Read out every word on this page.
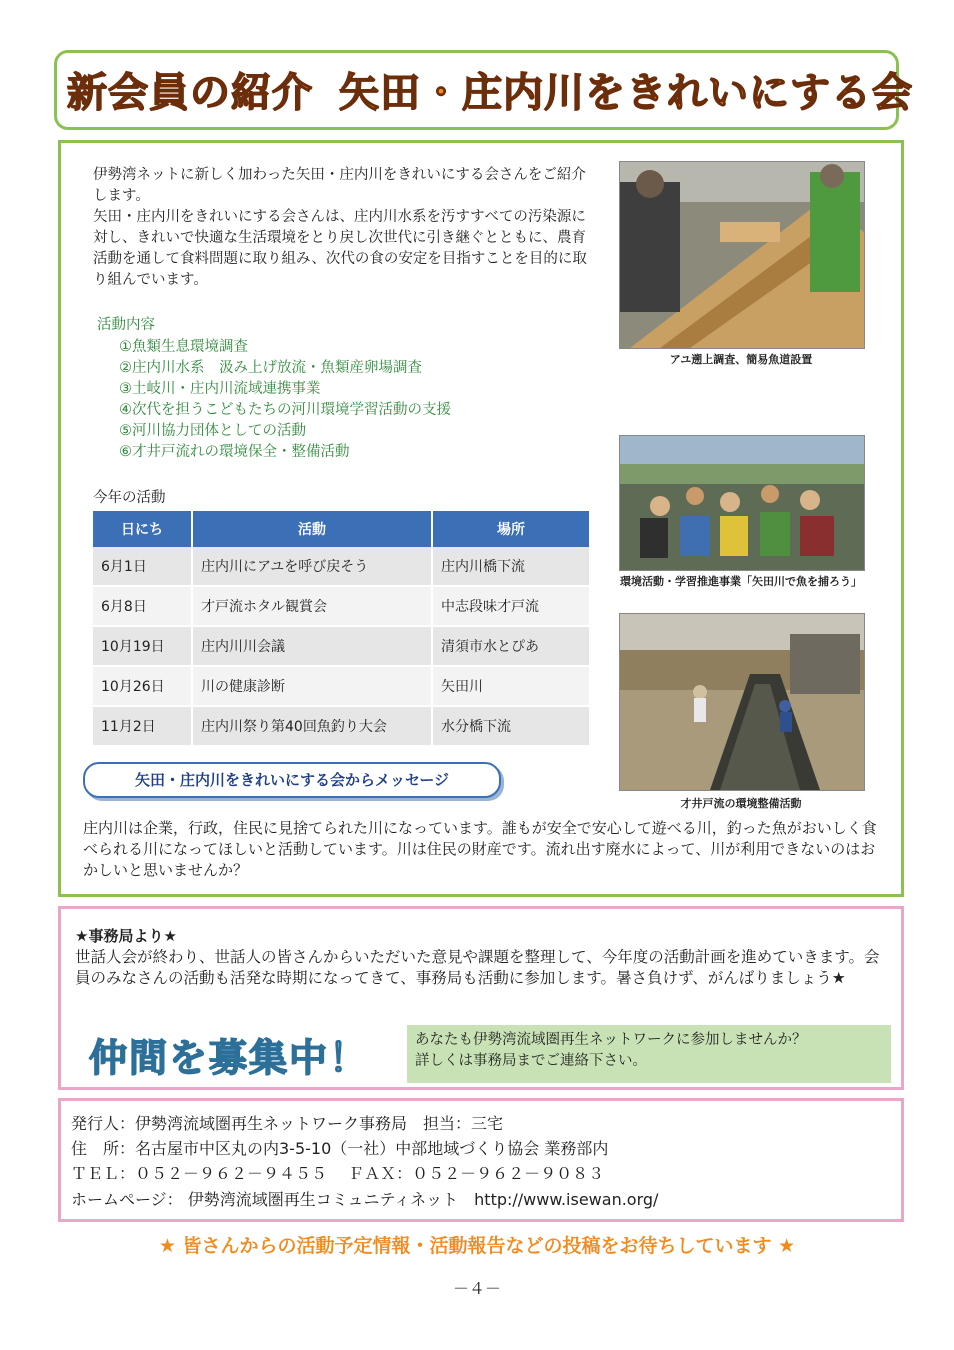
新会員の紹介 矢田・庄内川をきれいにする会
伊勢湾ネットに新しく加わった矢田・庄内川をきれいにする会さんをご紹介します。
矢田・庄内川をきれいにする会さんは、庄内川水系を汚すすべての汚染源に対し、きれいで快適な生活環境をとり戻し次世代に引き継ぐとともに、農育活動を通して食料問題に取り組み、次代の食の安定を目指すことを目的に取り組んでいます。
活動内容
①魚類生息環境調査
②庄内川水系　汲み上げ放流・魚類産卵場調査
③土岐川・庄内川流域連携事業
④次代を担うこどもたちの河川環境学習活動の支援
⑤河川協力団体としての活動
⑥才井戸流れの環境保全・整備活動
今年の活動
日にち	活動	場所
6月1日	庄内川にアユを呼び戻そう	庄内川橋下流
6月8日	才戸流ホタル観賞会	中志段味才戸流
10月19日	庄内川川会議	清須市水とぴあ
10月26日	川の健康診断	矢田川
11月2日	庄内川祭り第40回魚釣り大会	水分橋下流
矢田・庄内川をきれいにする会からメッセージ
庄内川は企業，行政，住民に見捨てられた川になっています。誰もが安全で安心して遊べる川，釣った魚がおいしく食べられる川になってほしいと活動しています。川は住民の財産です。流れ出す廃水によって、川が利用できないのはおかしいと思いませんか？
アユ遡上調査、簡易魚道設置
環境活動・学習推進事業「矢田川で魚を捕ろう」
才井戸流の環境整備活動
★事務局より★
世話人会が終わり、世話人の皆さんからいただいた意見や課題を整理して、今年度の活動計画を進めていきます。会員のみなさんの活動も活発な時期になってきて、事務局も活動に参加します。暑さ負けず、がんばりましょう★
仲間を募集中！	あなたも伊勢湾流域圏再生ネットワークに参加しませんか？
詳しくは事務局までご連絡下さい。
発行人：伊勢湾流域圏再生ネットワーク事務局　担当：三宅
住　所：名古屋市中区丸の内3-5-10（一社）中部地域づくり協会 業務部内
ＴＥＬ：０５２－９６２－９４５５　 ＦＡＸ：０５２－９６２－９０８３
ホームページ： 伊勢湾流域圏再生コミュニティネット　http://www.isewan.org/
★ 皆さんからの活動予定情報・活動報告などの投稿をお待ちしています ★
－４－
